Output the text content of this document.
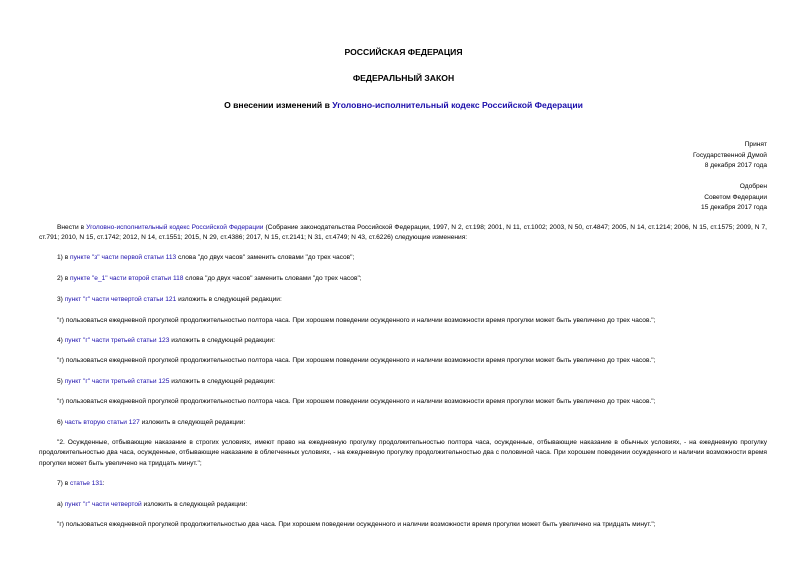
РОССИЙСКАЯ ФЕДЕРАЦИЯ
ФЕДЕРАЛЬНЫЙ ЗАКОН
О внесении изменений в Уголовно-исполнительный кодекс Российской Федерации
Принят
Государственной Думой
8 декабря 2017 года
Одобрен
Советом Федерации
15 декабря 2017 года
Внести в Уголовно-исполнительный кодекс Российской Федерации (Собрание законодательства Российской Федерации, 1997, N 2, ст.198; 2001, N 11, ст.1002; 2003, N 50, ст.4847; 2005, N 14, ст.1214; 2006, N 15, ст.1575; 2009, N 7, ст.791; 2010, N 15, ст.1742; 2012, N 14, ст.1551; 2015, N 29, ст.4386; 2017, N 15, ст.2141; N 31, ст.4749; N 43, ст.6226) следующие изменения:
1) в пункте "з" части первой статьи 113 слова "до двух часов" заменить словами "до трех часов";
2) в пункте "е_1" части второй статьи 118 слова "до двух часов" заменить словами "до трех часов";
3) пункт "г" части четвертой статьи 121 изложить в следующей редакции:
"г) пользоваться ежедневной прогулкой продолжительностью полтора часа. При хорошем поведении осужденного и наличии возможности время прогулки может быть увеличено до трех часов.";
4) пункт "г" части третьей статьи 123 изложить в следующей редакции:
"г) пользоваться ежедневной прогулкой продолжительностью полтора часа. При хорошем поведении осужденного и наличии возможности время прогулки может быть увеличено до трех часов.";
5) пункт "г" части третьей статьи 125 изложить в следующей редакции:
"г) пользоваться ежедневной прогулкой продолжительностью полтора часа. При хорошем поведении осужденного и наличии возможности время прогулки может быть увеличено до трех часов.";
6) часть вторую статьи 127 изложить в следующей редакции:
"2. Осужденные, отбывающие наказание в строгих условиях, имеют право на ежедневную прогулку продолжительностью полтора часа, осужденные, отбывающие наказание в обычных условиях, - на ежедневную прогулку продолжительностью два часа, осужденные, отбывающие наказание в облегченных условиях, - на ежедневную прогулку продолжительностью два с половиной часа. При хорошем поведении осужденного и наличии возможности время прогулки может быть увеличено на тридцать минут.";
7) в статье 131:
а) пункт "г" части четвертой изложить в следующей редакции:
"г) пользоваться ежедневной прогулкой продолжительностью два часа. При хорошем поведении осужденного и наличии возможности время прогулки может быть увеличено на тридцать минут.";
